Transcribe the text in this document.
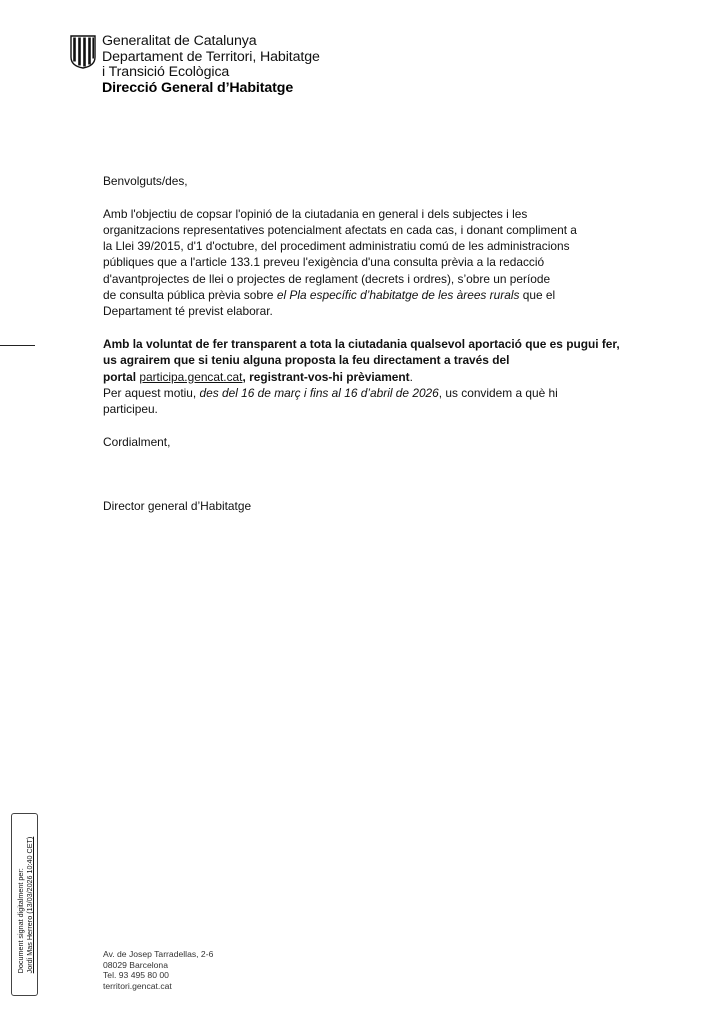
Generalitat de Catalunya
Departament de Territori, Habitatge
i Transició Ecològica
Direcció General d’Habitatge

Benvolguts/des,

Amb l'objectiu de copsar l'opinió de la ciutadania en general i dels subjectes i les

organitzacions representatives potencialment afectats en cada cas, i donant compliment a

la Llei 39/2015, d'1 d'octubre, del procediment administratiu comú de les administracions

públiques que a l'article 133.1 preveu l'exigència d'una consulta prèvia a la redacció

d'avantprojectes de llei o projectes de reglament (decrets i ordres), s’obre un període

de consulta pública prèvia sobre el Pla específic d’habitatge de les àrees rurals que el

Departament té previst elaborar.

Amb la voluntat de fer transparent a tota la ciutadania qualsevol aportació que es pugui fer,

us agrairem que si teniu alguna proposta la feu directament a través del

portal participa.gencat.cat, registrant-vos-hi prèviament.

Per aquest motiu, des del 16 de març i fins al 16 d’abril de 2026, us convidem a què hi

participeu.

Cordialment,

Director general d’Habitatge

Document signat digitalment per: Jordi Mas Herrero (13/03/2026 10:40 CET)	Av. de Josep Tarradellas, 2-6
08029 Barcelona
Tel. 93 495 80 00
territori.gencat.cat
